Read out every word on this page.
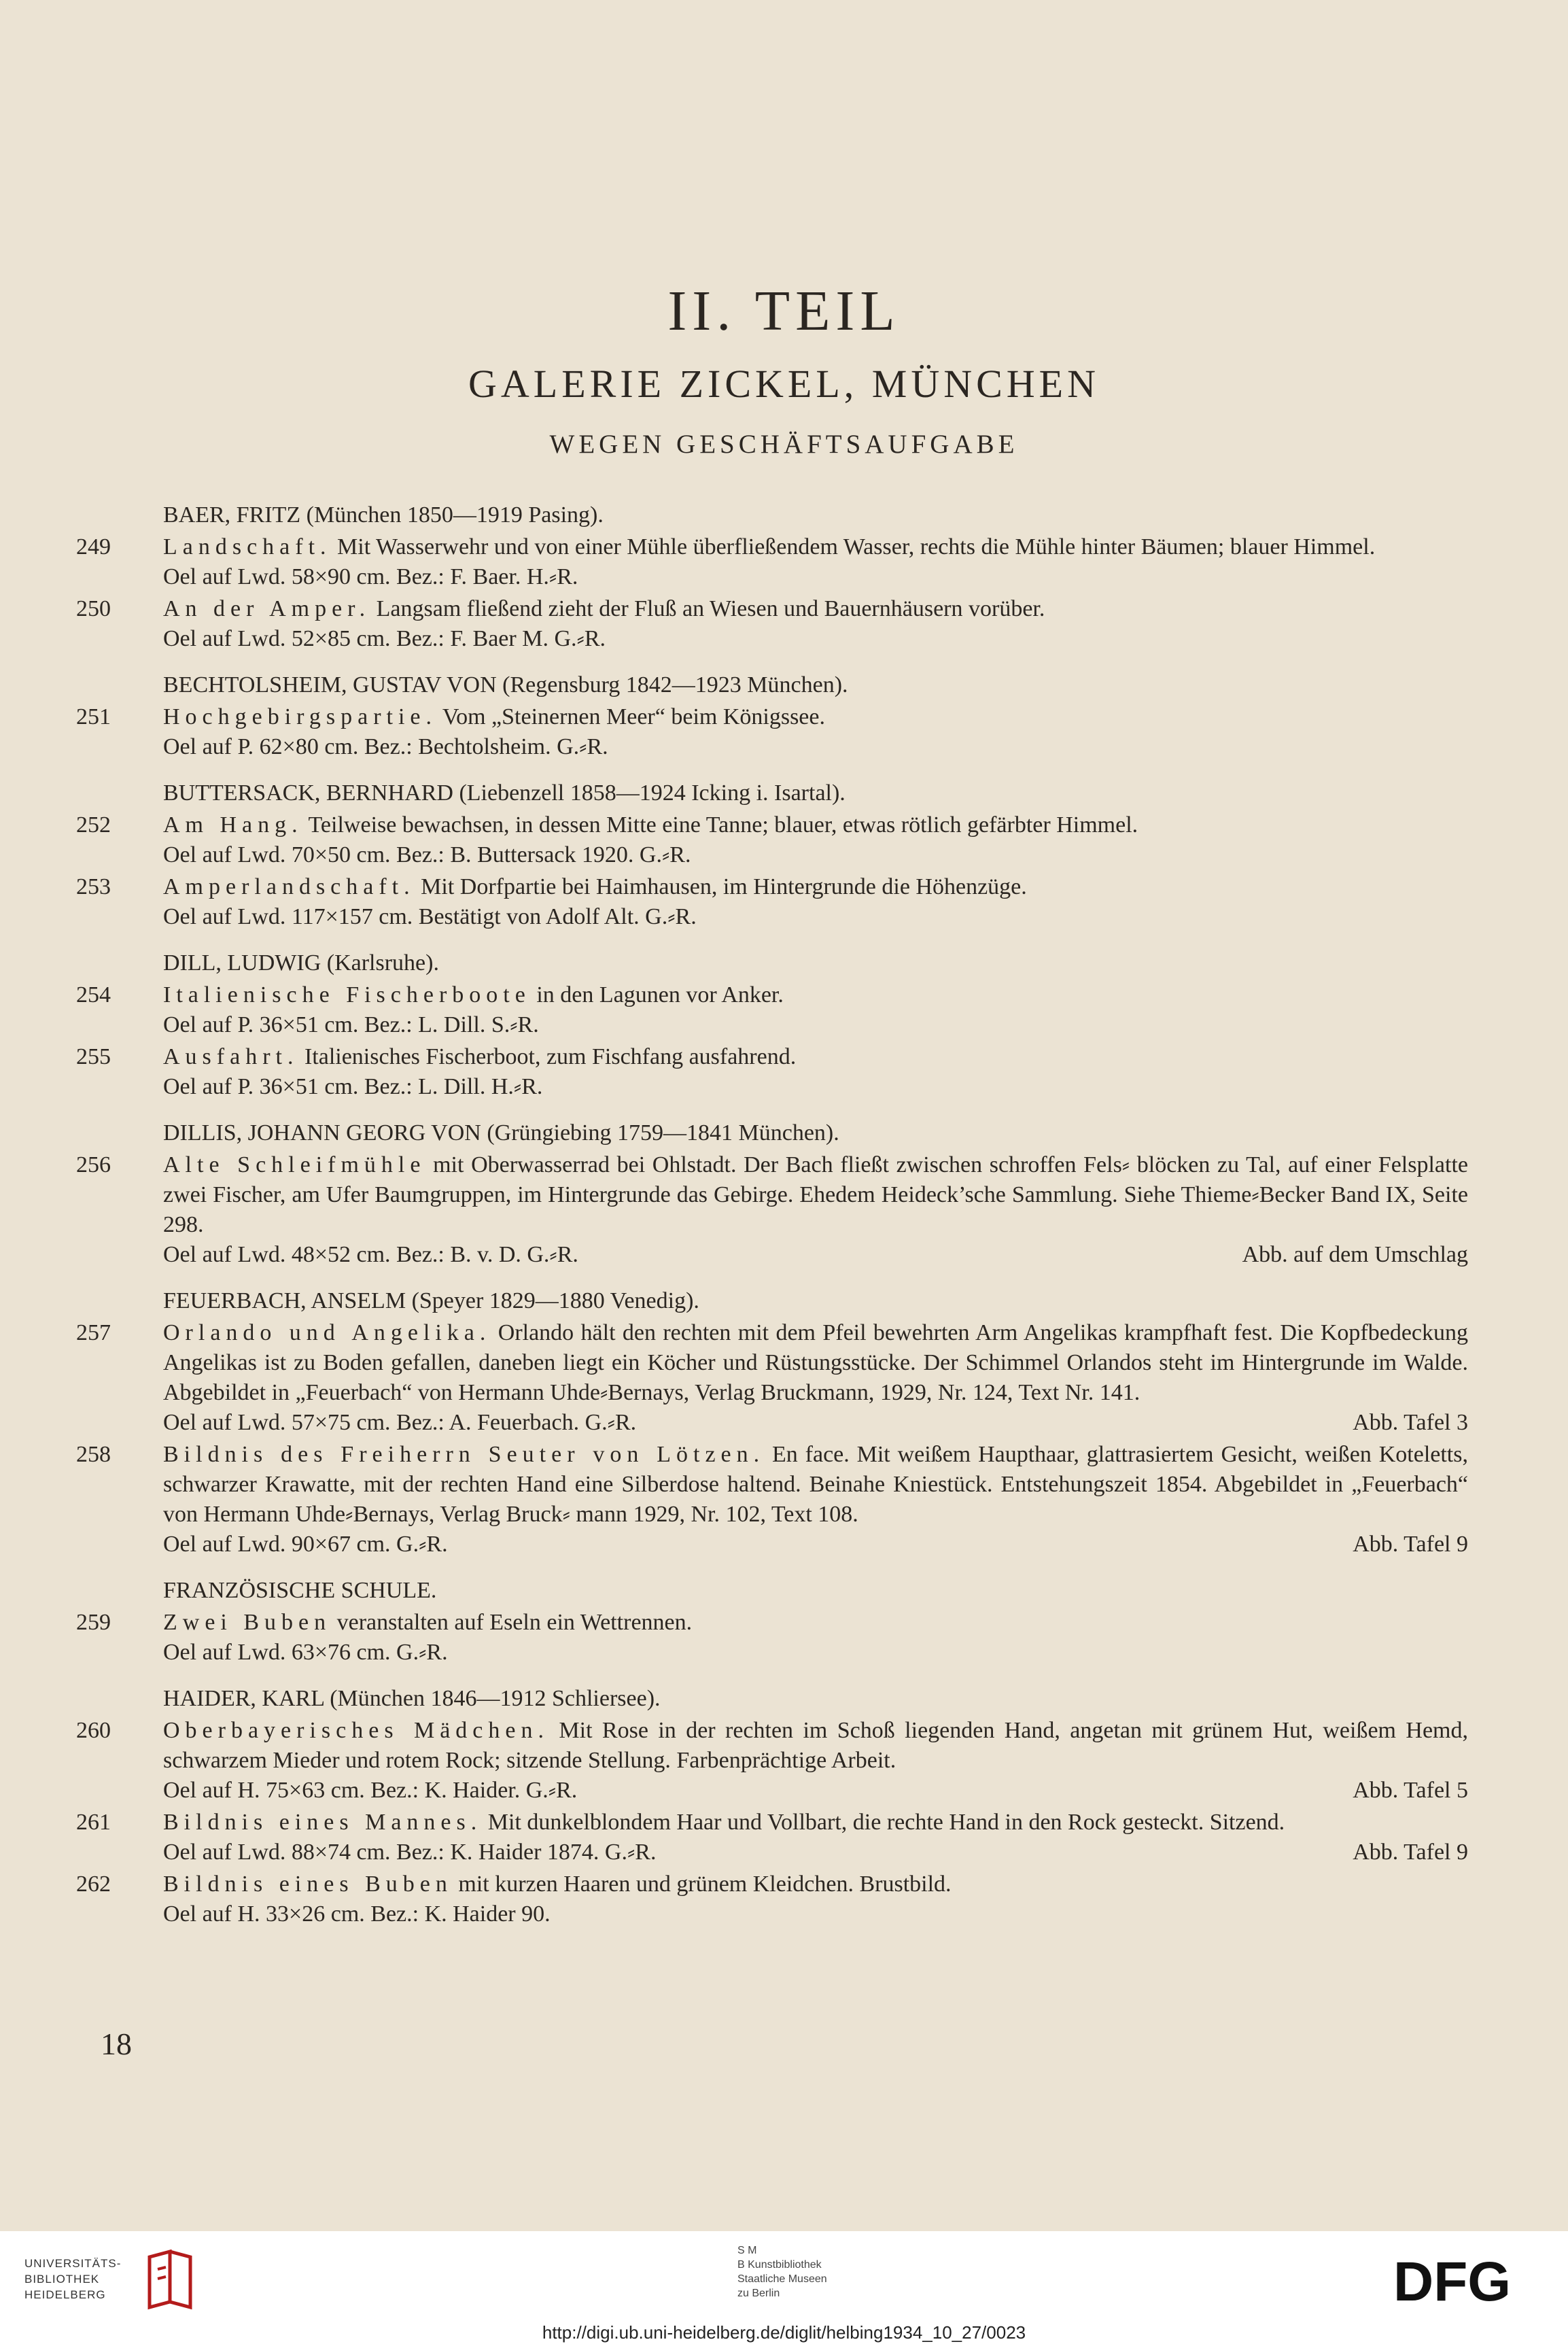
II. TEIL
GALERIE ZICKEL, MÜNCHEN
WEGEN GESCHÄFTSAUFGABE
BAER, FRITZ (München 1850—1919 Pasing).
249	Landschaft. Mit Wasserwehr und von einer Mühle überfließendem Wasser, rechts die Mühle hinter Bäumen; blauer Himmel.
Oel auf Lwd. 58×90 cm. Bez.: F. Baer. H.⸗R.
250	An der Amper. Langsam fließend zieht der Fluß an Wiesen und Bauernhäusern vorüber.
Oel auf Lwd. 52×85 cm. Bez.: F. Baer M. G.⸗R.
BECHTOLSHEIM, GUSTAV VON (Regensburg 1842—1923 München).
251	Hochgebirgspartie. Vom „Steinernen Meer“ beim Königssee.
Oel auf P. 62×80 cm. Bez.: Bechtolsheim. G.⸗R.
BUTTERSACK, BERNHARD (Liebenzell 1858—1924 Icking i. Isartal).
252	Am Hang. Teilweise bewachsen, in dessen Mitte eine Tanne; blauer, etwas rötlich gefärbter Himmel.
Oel auf Lwd. 70×50 cm. Bez.: B. Buttersack 1920. G.⸗R.
253	Amperlandschaft. Mit Dorfpartie bei Haimhausen, im Hintergrunde die Höhenzüge.
Oel auf Lwd. 117×157 cm. Bestätigt von Adolf Alt. G.⸗R.
DILL, LUDWIG (Karlsruhe).
254	Italienische Fischerboote in den Lagunen vor Anker.
Oel auf P. 36×51 cm. Bez.: L. Dill. S.⸗R.
255	Ausfahrt. Italienisches Fischerboot, zum Fischfang ausfahrend.
Oel auf P. 36×51 cm. Bez.: L. Dill. H.⸗R.
DILLIS, JOHANN GEORG VON (Grüngiebing 1759—1841 München).
256	Alte Schleifmühle mit Oberwasserrad bei Ohlstadt. Der Bach fließt zwischen schroffen Fels⸗ blöcken zu Tal, auf einer Felsplatte zwei Fischer, am Ufer Baumgruppen, im Hintergrunde das Gebirge. Ehedem Heideck’sche Sammlung. Siehe Thieme⸗Becker Band IX, Seite 298.
Oel auf Lwd. 48×52 cm. Bez.: B. v. D. G.⸗R.	Abb. auf dem Umschlag
FEUERBACH, ANSELM (Speyer 1829—1880 Venedig).
257	Orlando und Angelika. Orlando hält den rechten mit dem Pfeil bewehrten Arm Angelikas krampfhaft fest. Die Kopfbedeckung Angelikas ist zu Boden gefallen, daneben liegt ein Köcher und Rüstungsstücke. Der Schimmel Orlandos steht im Hintergrunde im Walde. Abgebildet in „Feuerbach“ von Hermann Uhde⸗Bernays, Verlag Bruckmann, 1929, Nr. 124, Text Nr. 141.
Oel auf Lwd. 57×75 cm. Bez.: A. Feuerbach. G.⸗R.	Abb. Tafel 3
258	Bildnis des Freiherrn Seuter von Lötzen. En face. Mit weißem Haupthaar, glattrasiertem Gesicht, weißen Koteletts, schwarzer Krawatte, mit der rechten Hand eine Silberdose haltend. Beinahe Kniestück. Entstehungszeit 1854. Abgebildet in „Feuerbach“ von Hermann Uhde⸗Bernays, Verlag Bruck⸗ mann 1929, Nr. 102, Text 108.
Oel auf Lwd. 90×67 cm. G.⸗R.	Abb. Tafel 9
FRANZÖSISCHE SCHULE.
259	Zwei Buben veranstalten auf Eseln ein Wettrennen.
Oel auf Lwd. 63×76 cm. G.⸗R.
HAIDER, KARL (München 1846—1912 Schliersee).
260	Oberbayerisches Mädchen. Mit Rose in der rechten im Schoß liegenden Hand, angetan mit grünem Hut, weißem Hemd, schwarzem Mieder und rotem Rock; sitzende Stellung. Farbenprächtige Arbeit.
Oel auf H. 75×63 cm. Bez.: K. Haider. G.⸗R.	Abb. Tafel 5
261	Bildnis eines Mannes. Mit dunkelblondem Haar und Vollbart, die rechte Hand in den Rock gesteckt. Sitzend.
Oel auf Lwd. 88×74 cm. Bez.: K. Haider 1874. G.⸗R.	Abb. Tafel 9
262	Bildnis eines Buben mit kurzen Haaren und grünem Kleidchen. Brustbild.
Oel auf H. 33×26 cm. Bez.: K. Haider 90.
18
UNIVERSITÄTS-
BIBLIOTHEK
HEIDELBERG
S M
B Kunstbibliothek
Staatliche Museen
zu Berlin	DFG
http://digi.ub.uni-heidelberg.de/diglit/helbing1934_10_27/0023
